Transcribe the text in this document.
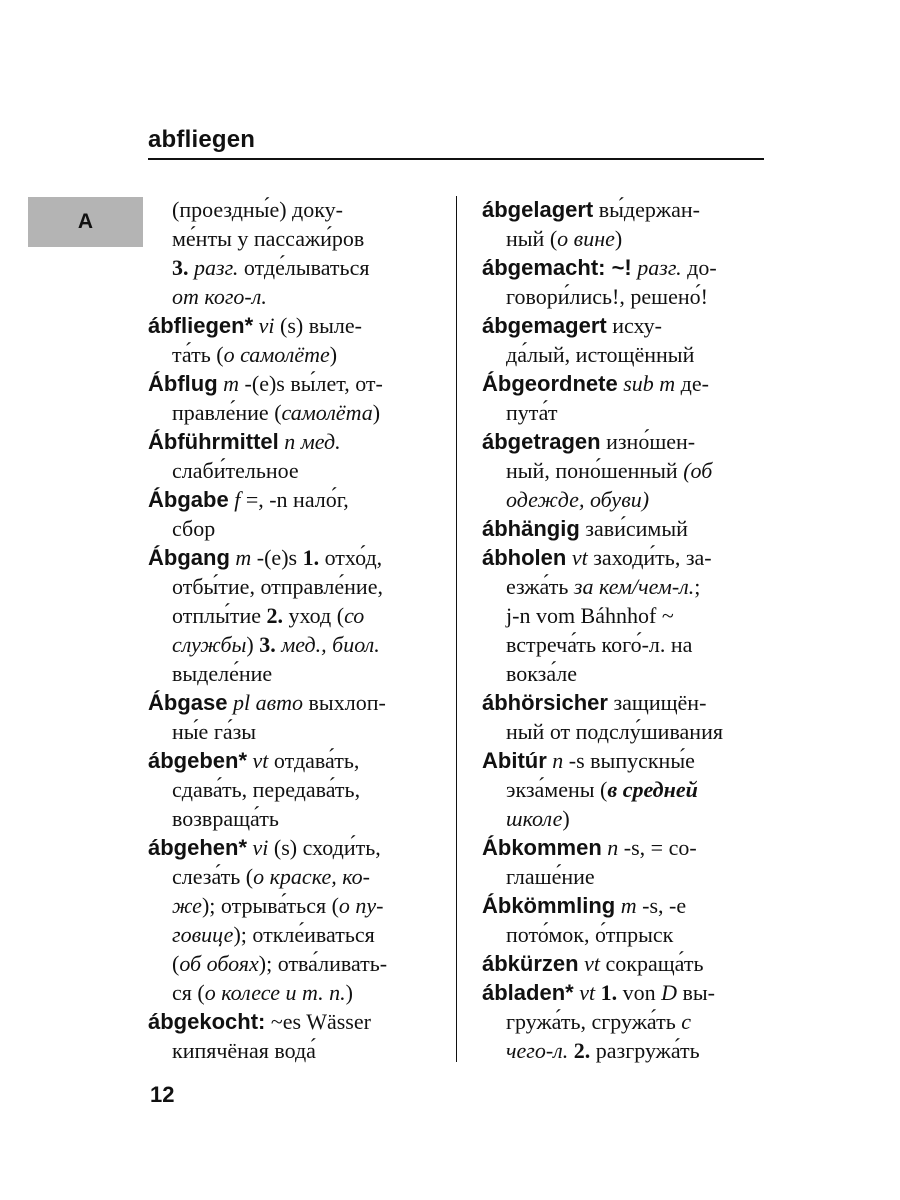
abfliegen
A	(проездны́е) доку-
ме́нты у пассажи́ров
3. разг. отде́лываться
от кого-л.
ábfliegen* vi (s) выле-
та́ть (о самолёте)
Ábflug m -(e)s вы́лет, от-
правле́ние (самолёта)
Ábführmittel n мед.
слаби́тельное
Ábgabe f =, -n нало́г,
сбор
Ábgang m -(e)s 1. отхо́д,
отбы́тие, отправле́ние,
отплы́тие 2. уход (со
службы) 3. мед., биол.
выделе́ние
Ábgase pl авто выхлоп-
ны́е га́зы
ábgeben* vt отдава́ть,
сдава́ть, передава́ть,
возвраща́ть
ábgehen* vi (s) сходи́ть,
слеза́ть (о краске, ко-
же); отрыва́ться (о пу-
говице); откле́иваться
(об обоях); отва́ливать-
ся (о колесе и т. п.)
ábgekocht: ~es Wässer
кипячёная вода́
ábgelagert вы́держан-
ный (о вине)
ábgemacht: ~! разг. до-
говори́лись!, решено́!
ábgemagert исху-
да́лый, истощённый
Ábgeordnete sub m де-
пута́т
ábgetragen изно́шен-
ный, поно́шенный (об
одежде, обуви)
ábhängig зави́симый
ábholen vt заходи́ть, за-
езжа́ть за кем/чем-л.;
j-n vom Báhnhof ~
встреча́ть кого́-л. на
вокза́ле
ábhörsicher защищён-
ный от подслу́шивания
Abitúr n -s выпускны́е
экза́мены (в средней
школе)
Ábkommen n -s, = со-
глаше́ние
Ábkömmling m -s, -e
пото́мок, о́тпрыск
ábkürzen vt сокраща́ть
ábladen* vt 1. von D вы-
гружа́ть, сгружа́ть с
чего-л. 2. разгружа́ть
12
